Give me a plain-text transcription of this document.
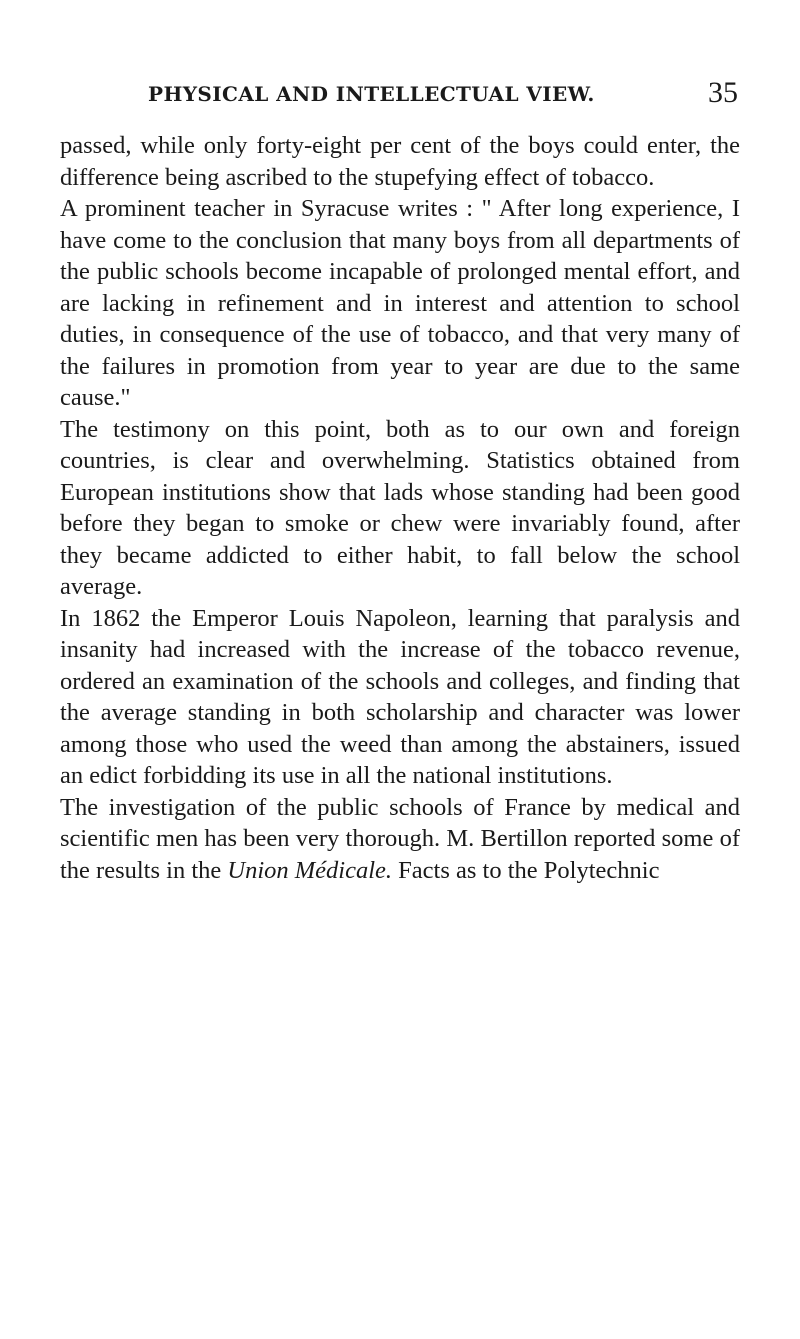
PHYSICAL AND INTELLECTUAL VIEW.	35

passed, while only forty-eight per cent of the boys could enter, the difference being ascribed to the stupefying effect of tobacco.

A prominent teacher in Syracuse writes : " After long experience, I have come to the conclusion that many boys from all departments of the public schools become incapable of prolonged mental effort, and are lacking in refinement and in interest and attention to school duties, in consequence of the use of tobacco, and that very many of the failures in promotion from year to year are due to the same cause."

The testimony on this point, both as to our own and foreign countries, is clear and overwhelming. Statistics obtained from European institutions show that lads whose standing had been good before they began to smoke or chew were invariably found, after they became addicted to either habit, to fall below the school average.

In 1862 the Emperor Louis Napoleon, learning that paralysis and insanity had increased with the increase of the tobacco revenue, ordered an examination of the schools and colleges, and finding that the average standing in both scholarship and character was lower among those who used the weed than among the abstainers, issued an edict forbidding its use in all the national institutions.

The investigation of the public schools of France by medical and scientific men has been very thorough. M. Bertillon reported some of the results in the Union Médicale. Facts as to the Polytechnic
